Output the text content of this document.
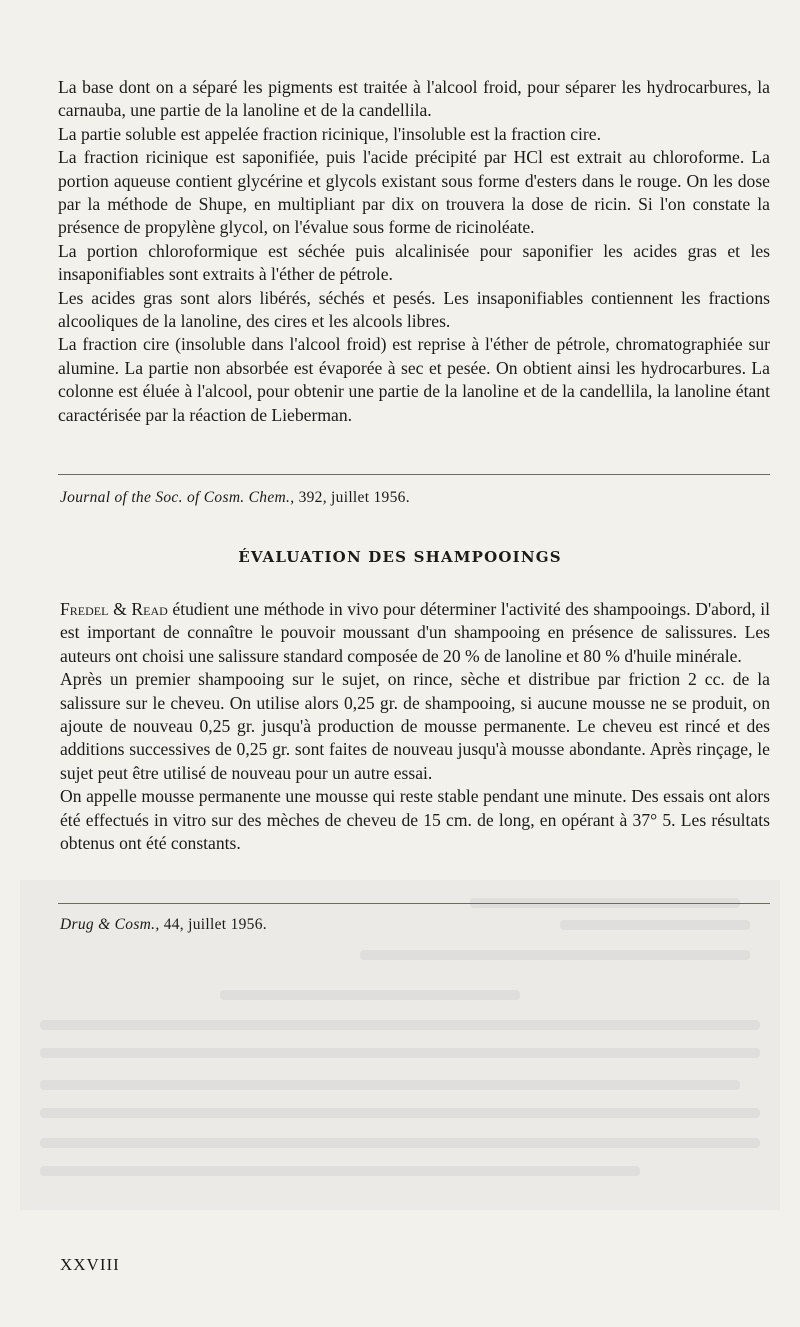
La base dont on a séparé les pigments est traitée à l'alcool froid, pour séparer les hydrocarbures, la carnauba, une partie de la lanoline et de la candellila.

La partie soluble est appelée fraction ricinique, l'insoluble est la fraction cire.

La fraction ricinique est saponifiée, puis l'acide précipité par HCl est extrait au chloroforme. La portion aqueuse contient glycérine et glycols existant sous forme d'esters dans le rouge. On les dose par la méthode de Shupe, en multipliant par dix on trouvera la dose de ricin. Si l'on constate la présence de propylène glycol, on l'évalue sous forme de ricinoléate.

La portion chloroformique est séchée puis alcalinisée pour saponifier les acides gras et les insaponifiables sont extraits à l'éther de pétrole.

Les acides gras sont alors libérés, séchés et pesés. Les insaponifiables contiennent les fractions alcooliques de la lanoline, des cires et les alcools libres.

La fraction cire (insoluble dans l'alcool froid) est reprise à l'éther de pétrole, chromatographiée sur alumine. La partie non absorbée est évaporée à sec et pesée. On obtient ainsi les hydrocarbures. La colonne est éluée à l'alcool, pour obtenir une partie de la lanoline et de la candellila, la lanoline étant caractérisée par la réaction de Lieberman.

Journal of the Soc. of Cosm. Chem., 392, juillet 1956.
ÉVALUATION DES SHAMPOOINGS

Fredel & Read étudient une méthode in vivo pour déterminer l'activité des shampooings. D'abord, il est important de connaître le pouvoir moussant d'un shampooing en présence de salissures. Les auteurs ont choisi une salissure standard composée de 20 % de lanoline et 80 % d'huile minérale.

Après un premier shampooing sur le sujet, on rince, sèche et distribue par friction 2 cc. de la salissure sur le cheveu. On utilise alors 0,25 gr. de shampooing, si aucune mousse ne se produit, on ajoute de nouveau 0,25 gr. jusqu'à production de mousse permanente. Le cheveu est rincé et des additions successives de 0,25 gr. sont faites de nouveau jusqu'à mousse abondante. Après rinçage, le sujet peut être utilisé de nouveau pour un autre essai.

On appelle mousse permanente une mousse qui reste stable pendant une minute. Des essais ont alors été effectués in vitro sur des mèches de cheveu de 15 cm. de long, en opérant à 37° 5. Les résultats obtenus ont été constants.

Drug & Cosm., 44, juillet 1956.
XXVIII
